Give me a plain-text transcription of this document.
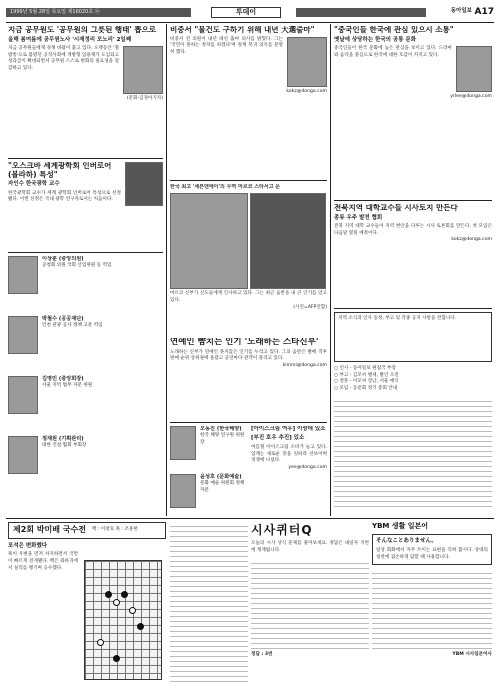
1999년 5월 28일 목요일 제16020호 ㉧	투데이	동아일보 A17
지금 공무원도 '공무원의 그릇된 행태' 뽑으로
올해 봄여름에 공무원노사 '시재정리 모노리' 2일째
지금 공무원들에게 경쟁 바람이 불고 있다. 오랫동안 '철밥통'으로 불렸던 공직사회에 개방형 임용제가 도입되고 성과급이 확대되면서 공무원 스스로 변화의 필요성을 절감하고 있다.
(문화·김경아기자)
"오스크바 세계광학회 인버로어(볼라하) 특성"
자인수 한국광학 교수
한국광학회 교수가 세계 광학회 인버로어 특성으로 선정됐다. 이번 선정은 국내 광학 연구자로서는 처음이다.
이상훈 (중앙의원)
공청회 의원 국회 산업위원 등 역임
박철수 (공공재단)
인천 관광 공사 정책 고문 역임
김영민 (중앙회장)
서울 지역 법무 자문 위원
정재원 (기획관리)
대한 건설 협회 부회장
비중서 "물건도 구하기 위해 내년 大選출마"
비중서 전 의원이 내년 대선 출마 의사를 밝혔다. 그는 '국민이 원하는 정치를 하겠다'며 정계 복귀 의지를 분명히 했다.
kokz@donga.com
한국 최고 '세븐덴에이'의 무역 마르코 스타서고 문
마르코 신부가 신도들에게 인사하고 있다. 그는 최근 음반을 내 큰 인기를 얻고 있다.
(사진=AFP연합)
연예인 뺨치는 인기 '노래하는 스타신부'
노래하는 신부가 연예인 못지않은 인기를 누리고 있다. 그의 음반은 발매 직후 판매 순위 상위권에 올랐고 공연마다 관객이 몰리고 있다.
kimmi@donga.com
오동진 (한국해양)
한국 해양 연구원 위원장
윤성호 (문화예술)
문화 예술 위원회 정책 자문
[아이스크림 여우] 이랑데 있소
[부진 호우 추진] 있소
여름철 아이스크림 소비가 늘고 있다. 업계는 새로운 맛을 잇따라 선보이며 경쟁에 나섰다.
yee@donga.com
"중국인들 한국에 관심 있으시 소통"
옛날에 상당하는 한국의 공통 문화
중국인들이 한국 문화에 높은 관심을 보이고 있다. 드라마와 음악을 중심으로 한국에 대한 호감이 커지고 있다.
yrlee@donga.com
전북지역 대학교수들 시사토지 만든다
종류 우주 발전 협회
전북 지역 대학 교수들이 지역 현안을 다루는 시사 토론회를 만든다. 첫 모임은 다음달 열릴 예정이다.
kokz@donga.com
지역 소식과 인사 동정, 부고 및 각종 공지 사항을 전합니다.
○ 인사 - 동아일보 편집국 부장
○ 부고 - 김모씨 별세, 발인 오전
○ 결혼 - 이모씨 장남, 서울 예식
○ 모임 - 동문회 정기 총회 안내
제2회 박미배 국수전 백 : 이창호 흑 : 조훈현
포석은 변화했다
흑이 우변을 먼저 차지하면서 국면이 빠르게 전개됐다. 백은 좌하귀에서 실리를 챙기며 응수했다.
시사퀴터Q
오늘의 시사 상식 문제를 풀어보세요. 정답은 내일자 지면에 게재됩니다.
정답 : 3번
YBM 생활 일본어
そんなことありません。
일상 회화에서 자주 쓰이는 표현을 익혀 봅시다. 상대의 칭찬에 겸손하게 답할 때 사용합니다.
YBM 시사일본어사
